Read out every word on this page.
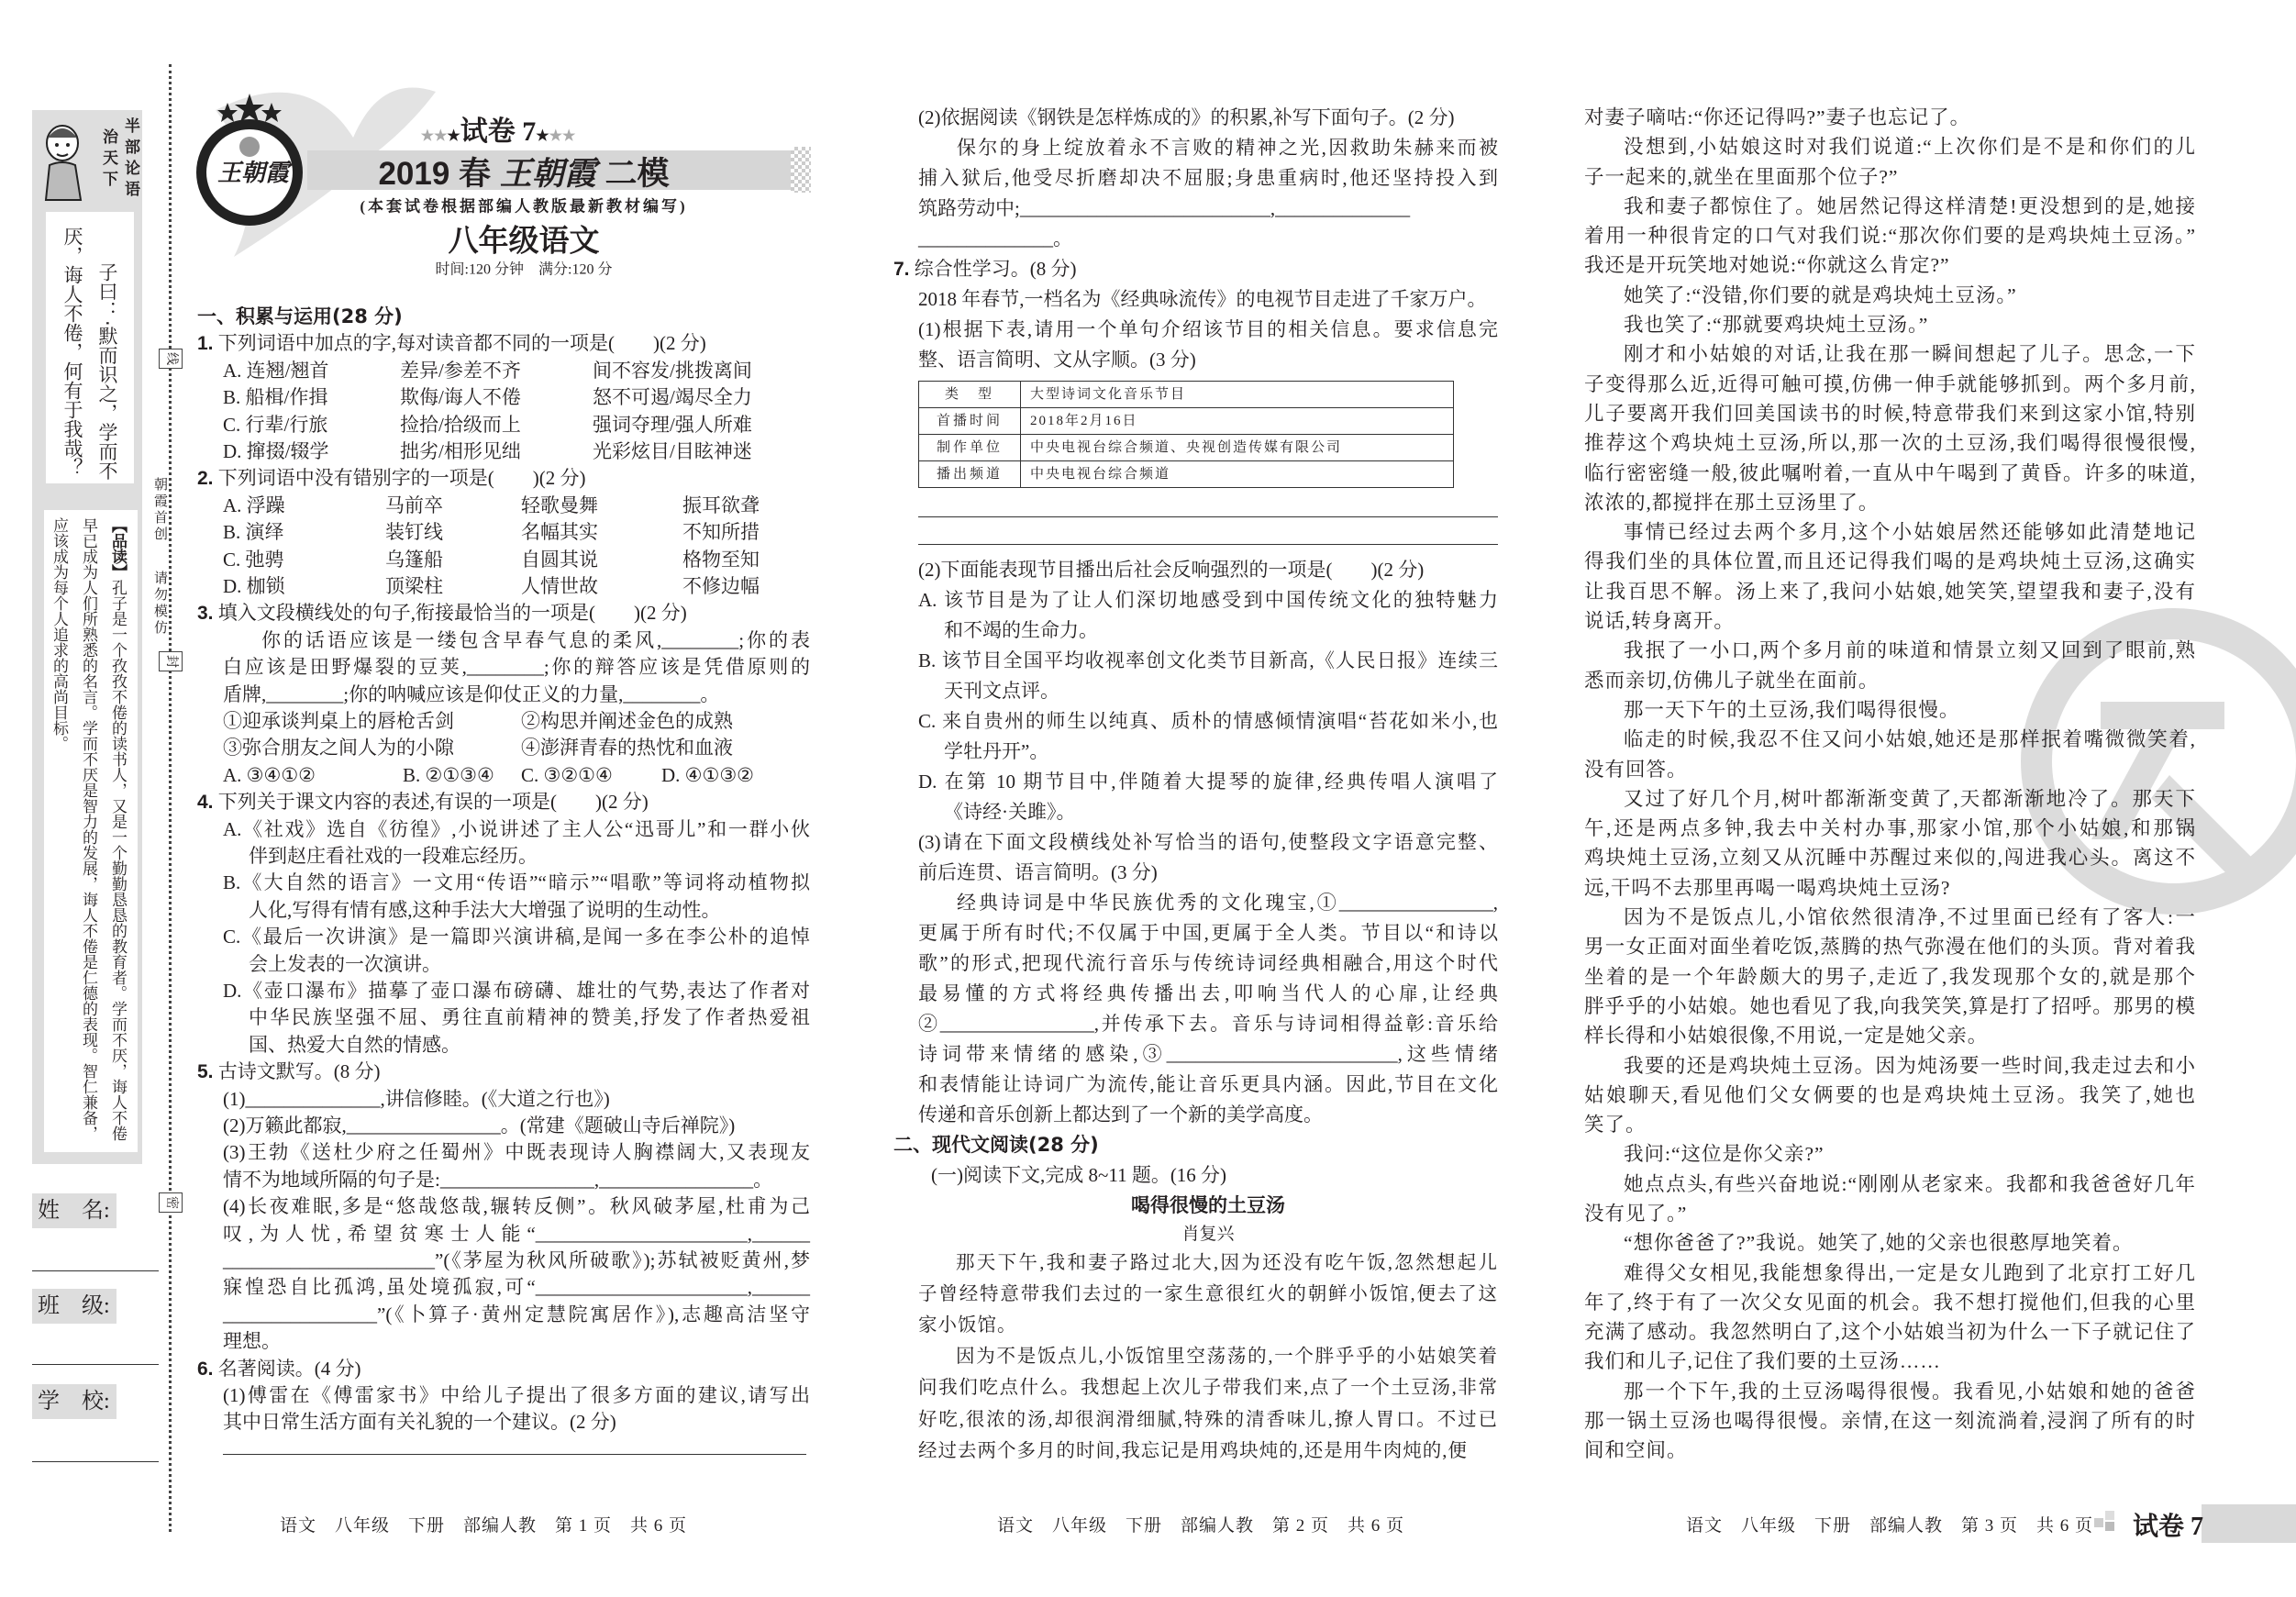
半部论语
治天下
子曰：·默而识之，学而不
厌，诲人不倦，何有于我哉？
【品读】孔子是一个孜孜不倦的读书人，又是一个勤勤恳恳的教育者。学而不厌，诲人不倦早已成为人们所熟悉的名言。学而不厌是智力的发展，诲人不倦是仁德的表现。智仁兼备，应该成为每个人追求的高尚目标。
姓　名:
班　级:
学　校:
线
封
密
朝霞首创
请勿模仿
王朝霞
★★★试卷 7★★★
2019 春 王朝霞 二模
(本套试卷根据部编人教版最新教材编写)
八年级语文
时间:120 分钟　满分:120 分
一、积累与运用(28 分)
1. 下列词语中加点的字,每对读音都不同的一项是(　　)(2 分)
A. 连翘/翘首	差异/参差不齐	间不容发/挑拨离间
B. 船楫/作揖	欺侮/诲人不倦	怒不可遏/竭尽全力
C. 行辈/行旅	捡拾/拾级而上	强词夺理/强人所难
D. 撺掇/辍学	拙劣/相形见绌	光彩炫目/目眩神迷
2. 下列词语中没有错别字的一项是(　　)(2 分)
A. 浮躁	马前卒	轻歌曼舞	振耳欲聋
B. 演绎	装钉线	名幅其实	不知所措
C. 弛骋	乌篷船	自圆其说	格物至知
D. 枷锁	顶梁柱	人情世故	不修边幅
3. 填入文段横线处的句子,衔接最恰当的一项是(　　)(2 分)
你的话语应该是一缕包含早春气息的柔风,________;你的表
白应该是田野爆裂的豆荚,________;你的辩答应该是凭借原则的
盾牌,________;你的呐喊应该是仰仗正义的力量,________。
①迎承谈判桌上的唇枪舌剑	②构思并阐述金色的成熟
③弥合朋友之间人为的小隙	④澎湃青春的热忱和血液
A. ③④①②	B. ②①③④ C. ③②①④	D. ④①③②
4. 下列关于课文内容的表述,有误的一项是(　　)(2 分)
A.《社戏》选自《彷徨》,小说讲述了主人公“迅哥儿”和一群小伙
伴到赵庄看社戏的一段难忘经历。
B.《大自然的语言》一文用“传语”“暗示”“唱歌”等词将动植物拟
人化,写得有情有感,这种手法大大增强了说明的生动性。
C.《最后一次讲演》是一篇即兴演讲稿,是闻一多在李公朴的追悼
会上发表的一次演讲。
D.《壶口瀑布》描摹了壶口瀑布磅礴、雄壮的气势,表达了作者对
中华民族坚强不屈、勇往直前精神的赞美,抒发了作者热爱祖
国、热爱大自然的情感。
5. 古诗文默写。(8 分)
(1)______________,讲信修睦。(《大道之行也》)
(2)万籁此都寂,________________。(常建《题破山寺后禅院》)
(3)王勃《送杜少府之任蜀州》中既表现诗人胸襟阔大,又表现友
情不为地域所隔的句子是:________________,________________。
(4)长夜难眠,多是“悠哉悠哉,辗转反侧”。秋风破茅屋,杜甫为己
叹,为人忧,希望贫寒士人能“______________________,______
______________________”(《茅屋为秋风所破歌》);苏轼被贬黄州,梦
寐惶恐自比孤鸿,虽处境孤寂,可“______________________,______
________________”(《卜算子·黄州定慧院寓居作》),志趣高洁坚守
理想。
6. 名著阅读。(4 分)
(1)傅雷在《傅雷家书》中给儿子提出了很多方面的建议,请写出
其中日常生活方面有关礼貌的一个建议。(2 分)
语文　八年级　下册　部编人教　第 1 页　共 6 页
(2)依据阅读《钢铁是怎样炼成的》的积累,补写下面句子。(2 分)
保尔的身上绽放着永不言败的精神之光,因救助朱赫来而被
捕入狱后,他受尽折磨却决不屈服;身患重病时,他还坚持投入到
筑路劳动中;__________________________,______________
______________。
7. 综合性学习。(8 分)
2018 年春节,一档名为《经典咏流传》的电视节目走进了千家万户。
(1)根据下表,请用一个单句介绍该节目的相关信息。要求信息完
整、语言简明、文从字顺。(3 分)
类　型	大型诗词文化音乐节目
首播时间	2018年2月16日
制作单位	中央电视台综合频道、央视创造传媒有限公司
播出频道	中央电视台综合频道
(2)下面能表现节目播出后社会反响强烈的一项是(　　)(2 分)
A. 该节目是为了让人们深切地感受到中国传统文化的独特魅力
和不竭的生命力。
B. 该节目全国平均收视率创文化类节目新高,《人民日报》连续三
天刊文点评。
C. 来自贵州的师生以纯真、质朴的情感倾情演唱“苔花如米小,也
学牡丹开”。
D. 在第 10 期节目中,伴随着大提琴的旋律,经典传唱人演唱了
《诗经·关雎》。
(3)请在下面文段横线处补写恰当的语句,使整段文字语意完整、
前后连贯、语言简明。(3 分)
经典诗词是中华民族优秀的文化瑰宝,①________________,
更属于所有时代;不仅属于中国,更属于全人类。节目以“和诗以
歌”的形式,把现代流行音乐与传统诗词经典相融合,用这个时代
最易懂的方式将经典传播出去,叩响当代人的心扉,让经典
②________________,并传承下去。音乐与诗词相得益彰:音乐给
诗词带来情绪的感染,③________________________,这些情绪
和表情能让诗词广为流传,能让音乐更具内涵。因此,节目在文化
传递和音乐创新上都达到了一个新的美学高度。
二、现代文阅读(28 分)
(一)阅读下文,完成 8~11 题。(16 分)
喝得很慢的土豆汤
肖复兴
那天下午,我和妻子路过北大,因为还没有吃午饭,忽然想起儿
子曾经特意带我们去过的一家生意很红火的朝鲜小饭馆,便去了这
家小饭馆。
因为不是饭点儿,小饭馆里空荡荡的,一个胖乎乎的小姑娘笑着
问我们吃点什么。我想起上次儿子带我们来,点了一个土豆汤,非常
好吃,很浓的汤,却很润滑细腻,特殊的清香味儿,撩人胃口。不过已
经过去两个多月的时间,我忘记是用鸡块炖的,还是用牛肉炖的,便
语文　八年级　下册　部编人教　第 2 页　共 6 页
对妻子嘀咕:“你还记得吗?”妻子也忘记了。
没想到,小姑娘这时对我们说道:“上次你们是不是和你们的儿
子一起来的,就坐在里面那个位子?”
我和妻子都惊住了。她居然记得这样清楚!更没想到的是,她接
着用一种很肯定的口气对我们说:“那次你们要的是鸡块炖土豆汤。”
我还是开玩笑地对她说:“你就这么肯定?”
她笑了:“没错,你们要的就是鸡块炖土豆汤。”
我也笑了:“那就要鸡块炖土豆汤。”
刚才和小姑娘的对话,让我在那一瞬间想起了儿子。思念,一下
子变得那么近,近得可触可摸,仿佛一伸手就能够抓到。两个多月前,
儿子要离开我们回美国读书的时候,特意带我们来到这家小馆,特别
推荐这个鸡块炖土豆汤,所以,那一次的土豆汤,我们喝得很慢很慢,
临行密密缝一般,彼此嘱咐着,一直从中午喝到了黄昏。许多的味道,
浓浓的,都搅拌在那土豆汤里了。
事情已经过去两个多月,这个小姑娘居然还能够如此清楚地记
得我们坐的具体位置,而且还记得我们喝的是鸡块炖土豆汤,这确实
让我百思不解。汤上来了,我问小姑娘,她笑笑,望望我和妻子,没有
说话,转身离开。
我抿了一小口,两个多月前的味道和情景立刻又回到了眼前,熟
悉而亲切,仿佛儿子就坐在面前。
那一天下午的土豆汤,我们喝得很慢。
临走的时候,我忍不住又问小姑娘,她还是那样抿着嘴微微笑着,
没有回答。
又过了好几个月,树叶都渐渐变黄了,天都渐渐地冷了。那天下
午,还是两点多钟,我去中关村办事,那家小馆,那个小姑娘,和那锅
鸡块炖土豆汤,立刻又从沉睡中苏醒过来似的,闯进我心头。离这不
远,干吗不去那里再喝一喝鸡块炖土豆汤?
因为不是饭点儿,小馆依然很清净,不过里面已经有了客人:一
男一女正面对面坐着吃饭,蒸腾的热气弥漫在他们的头顶。背对着我
坐着的是一个年龄颇大的男子,走近了,我发现那个女的,就是那个
胖乎乎的小姑娘。她也看见了我,向我笑笑,算是打了招呼。那男的模
样长得和小姑娘很像,不用说,一定是她父亲。
我要的还是鸡块炖土豆汤。因为炖汤要一些时间,我走过去和小
姑娘聊天,看见他们父女俩要的也是鸡块炖土豆汤。我笑了,她也
笑了。
我问:“这位是你父亲?”
她点点头,有些兴奋地说:“刚刚从老家来。我都和我爸爸好几年
没有见了。”
“想你爸爸了?”我说。她笑了,她的父亲也很憨厚地笑着。
难得父女相见,我能想象得出,一定是女儿跑到了北京打工好几
年了,终于有了一次父女见面的机会。我不想打搅他们,但我的心里
充满了感动。我忽然明白了,这个小姑娘当初为什么一下子就记住了
我们和儿子,记住了我们要的土豆汤……
那一个下午,我的土豆汤喝得很慢。我看见,小姑娘和她的爸爸
那一锅土豆汤也喝得很慢。亲情,在这一刻流淌着,浸润了所有的时
间和空间。
语文　八年级　下册　部编人教　第 3 页　共 6 页 试卷 7
